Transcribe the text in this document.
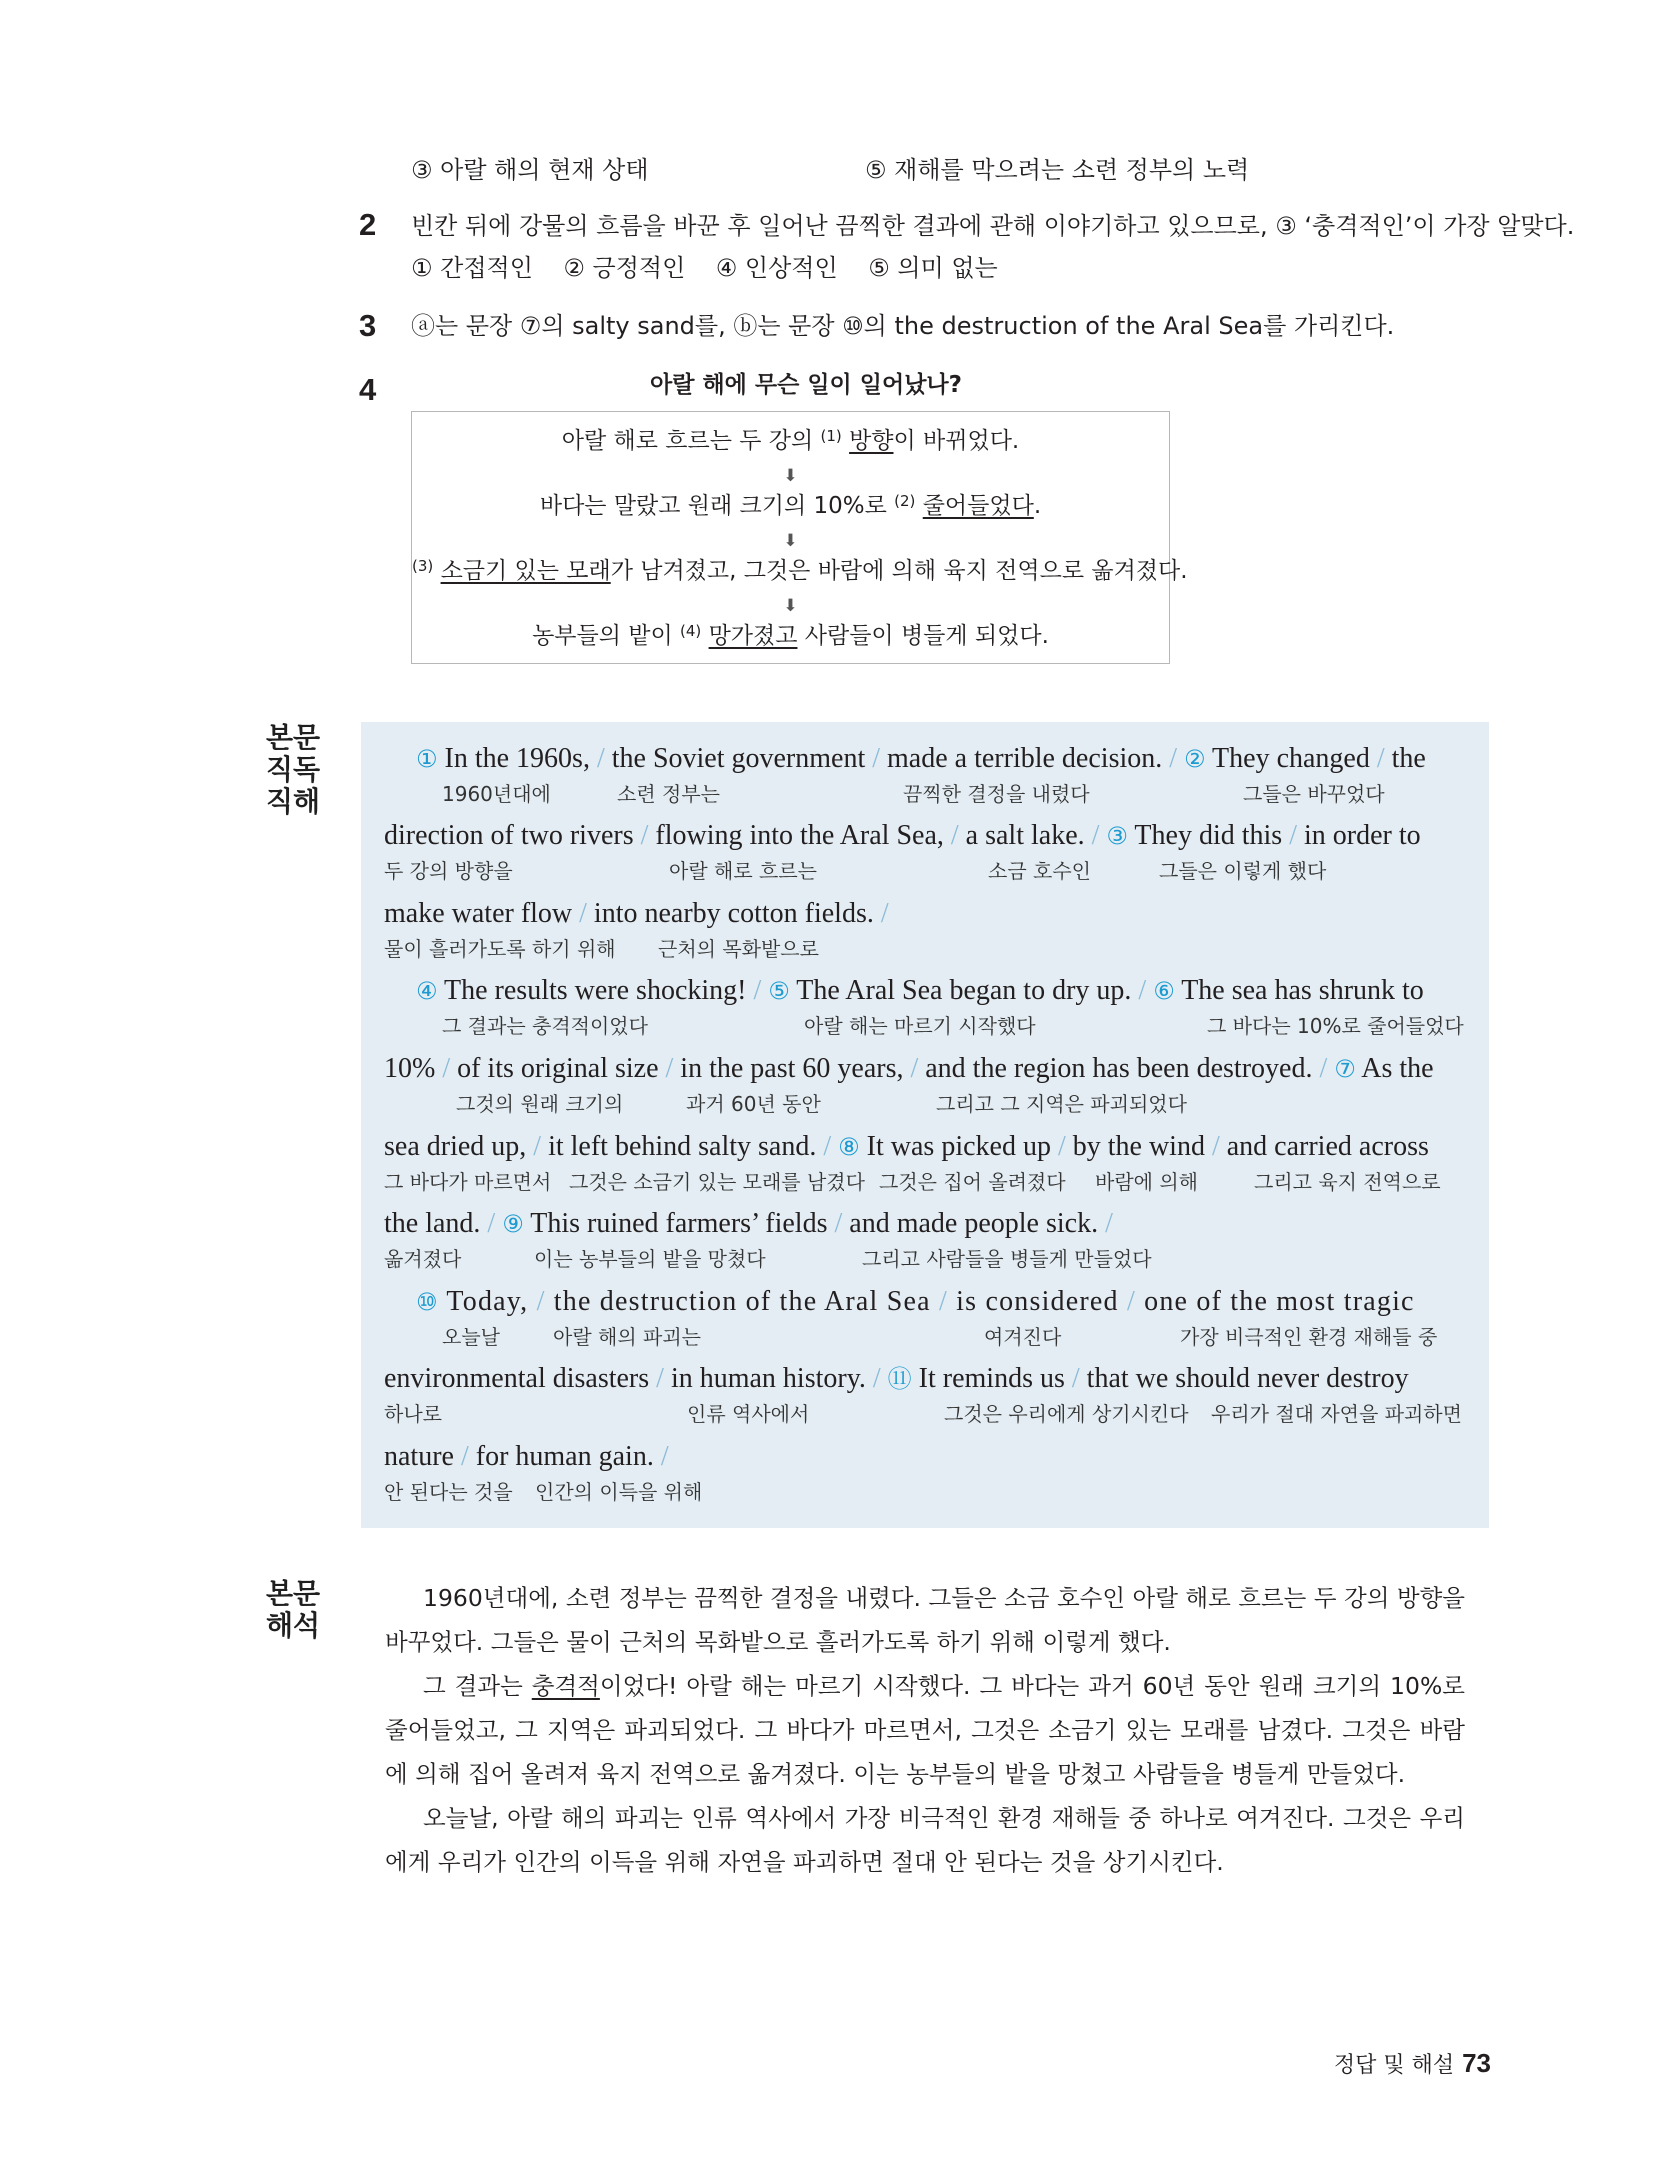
③ 아랄 해의 현재 상태	⑤ 재해를 막으려는 소련 정부의 노력
2 빈칸 뒤에 강물의 흐름을 바꾼 후 일어난 끔찍한 결과에 관해 이야기하고 있으므로, ③ ‘충격적인’이 가장 알맞다.
① 간접적인    ② 긍정적인    ④ 인상적인    ⑤ 의미 없는
3 ⓐ는 문장 ⑦의 salty sand를, ⓑ는 문장 ⑩의 the destruction of the Aral Sea를 가리킨다.
4	아랄 해에 무슨 일이 일어났나?
아랄 해로 흐르는 두 강의 $^{(1)}$ 방향이 바뀌었다.
⬇
바다는 말랐고 원래 크기의 10%로 $^{(2)}$ 줄어들었다.
⬇
$^{(3)}$ 소금기 있는 모래가 남겨졌고, 그것은 바람에 의해 육지 전역으로 옮겨졌다.
⬇
농부들의 밭이 $^{(4)}$ 망가졌고 사람들이 병들게 되었다.
본문
직독
직해
① In the 1960s, / the Soviet government / made a terrible decision. / ② They changed / the
1960년대에	소련 정부는	끔찍한 결정을 내렸다	그들은 바꾸었다
direction of two rivers / flowing into the Aral Sea, / a salt lake. / ③ They did this / in order to
두 강의 방향을	아랄 해로 흐르는	소금 호수인	그들은 이렇게 했다
make water flow / into nearby cotton fields. /
물이 흘러가도록 하기 위해 근처의 목화밭으로
④ The results were shocking! / ⑤ The Aral Sea began to dry up. / ⑥ The sea has shrunk to
그 결과는 충격적이었다	아랄 해는 마르기 시작했다	그 바다는 10%로 줄어들었다
10% / of its original size / in the past 60 years, / and the region has been destroyed. / ⑦ As the
그것의 원래 크기의	과거 60년 동안	그리고 그 지역은 파괴되었다
sea dried up, / it left behind salty sand. / ⑧ It was picked up / by the wind / and carried across
그 바다가 마르면서 그것은 소금기 있는 모래를 남겼다 그것은 집어 올려졌다 바람에 의해	그리고 육지 전역으로
the land. / ⑨ This ruined farmers’ fields / and made people sick. /
옮겨졌다	이는 농부들의 밭을 망쳤다	그리고 사람들을 병들게 만들었다
⑩ Today, / the destruction of the Aral Sea / is considered / one of the most tragic
오늘날	아랄 해의 파괴는	여겨진다	가장 비극적인 환경 재해들 중
environmental disasters / in human history. / ⑪ It reminds us / that we should never destroy
하나로	인류 역사에서	그것은 우리에게 상기시킨다 우리가 절대 자연을 파괴하면
nature / for human gain. /
안 된다는 것을 인간의 이득을 위해
본문
해석
1960년대에, 소련 정부는 끔찍한 결정을 내렸다. 그들은 소금 호수인 아랄 해로 흐르는 두 강의 방향을 바꾸었다. 그들은 물이 근처의 목화밭으로 흘러가도록 하기 위해 이렇게 했다.
그 결과는 충격적이었다! 아랄 해는 마르기 시작했다. 그 바다는 과거 60년 동안 원래 크기의 10%로 줄어들었고, 그 지역은 파괴되었다. 그 바다가 마르면서, 그것은 소금기 있는 모래를 남겼다. 그것은 바람에 의해 집어 올려져 육지 전역으로 옮겨졌다. 이는 농부들의 밭을 망쳤고 사람들을 병들게 만들었다.
오늘날, 아랄 해의 파괴는 인류 역사에서 가장 비극적인 환경 재해들 중 하나로 여겨진다. 그것은 우리에게 우리가 인간의 이득을 위해 자연을 파괴하면 절대 안 된다는 것을 상기시킨다.
정답 및 해설 73
